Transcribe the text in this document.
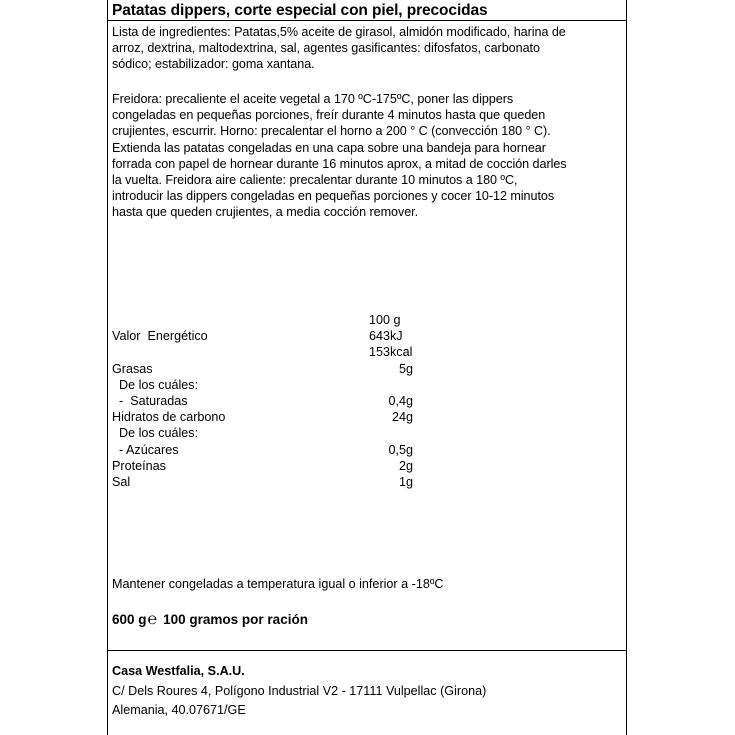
Patatas dippers, corte especial con piel, precocidas

Lista de ingredientes: Patatas,5% aceite de girasol, almidón modificado, harina de

arroz, dextrina, maltodextrina, sal, agentes gasificantes: difosfatos, carbonato

sódico; estabilizador: goma xantana.

Freidora: precaliente el aceite vegetal a 170 ºC-175ºC, poner las dippers

congeladas en pequeñas porciones, freír durante 4 minutos hasta que queden

crujientes, escurrir. Horno: precalentar el horno a 200 ° C (convección 180 ° C).

Extienda las patatas congeladas en una capa sobre una bandeja para hornear

forrada con papel de hornear durante 16 minutos aprox, a mitad de cocción darles

la vuelta. Freidora aire caliente: precalentar durante 10 minutos a 180 ºC,

introducir las dippers congeladas en pequeñas porciones y cocer 10-12 minutos

hasta que queden crujientes, a media cocción remover.

100 g
Valor  Energético	643kJ
153kcal
Grasas	5g
De los cuáles:
-  Saturadas	0,4g
Hidratos de carbono	24g
De los cuáles:
- Azúcares	0,5g
Proteínas	2g
Sal	1g
Mantener congeladas a temperatura igual o inferior a -18ºC
600 g ℮ 100 gramos por ración
Casa Westfalia, S.A.U.
C/ Dels Roures 4, Polígono Industrial V2 - 17111 Vulpellac (Girona)
Alemania, 40.07671/GE
